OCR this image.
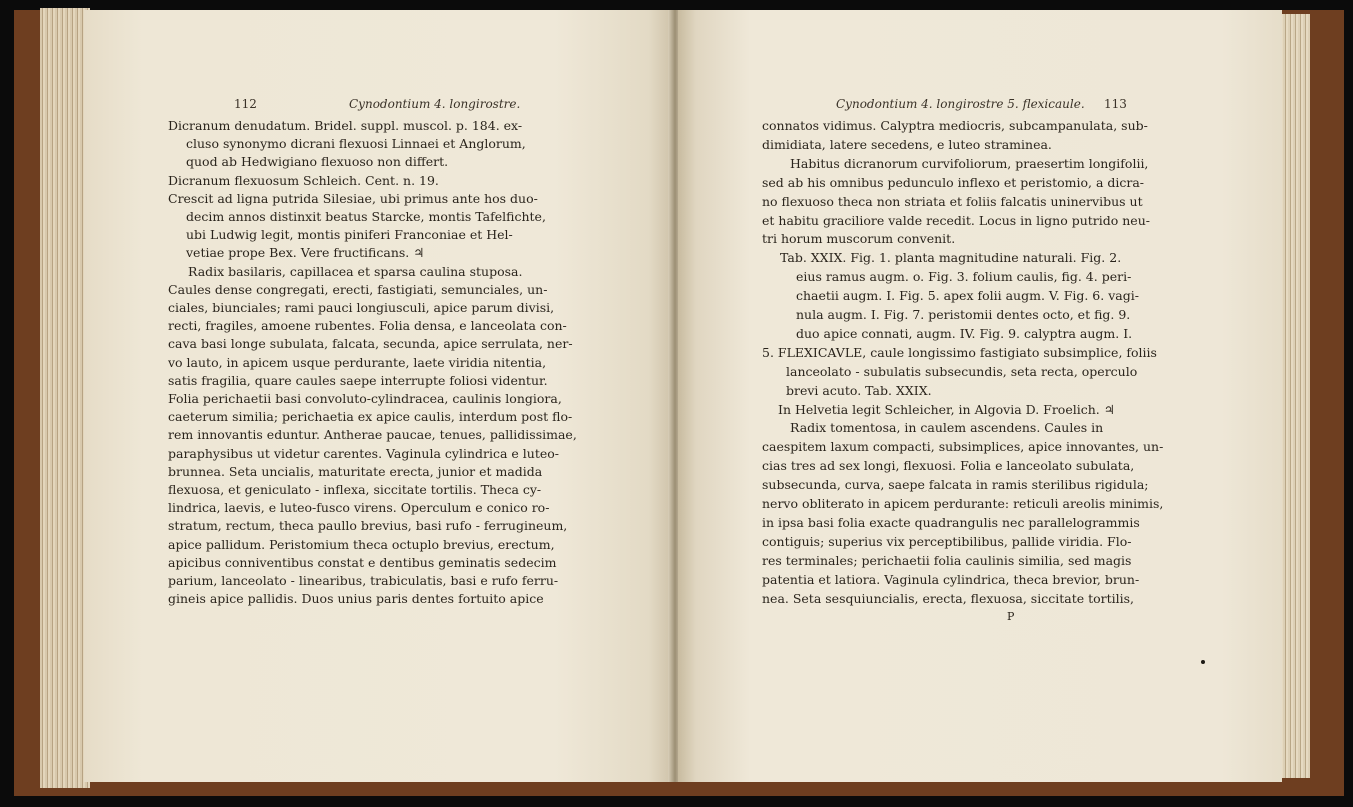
112	Cynodontium 4. longirostre.
Dicranum denudatum. Bridel. suppl. muscol. p. 184. ex-
cluso synonymo dicrani flexuosi Linnaei et Anglorum,
quod ab Hedwigiano flexuoso non differt.
Dicranum flexuosum Schleich. Cent. n. 19.
Crescit ad ligna putrida Silesiae, ubi primus ante hos duo-
decim annos distinxit beatus Starcke, montis Tafelfichte,
ubi Ludwig legit, montis piniferi Franconiae et Hel-
vetiae prope Bex. Vere fructificans. ♃
Radix basilaris, capillacea et sparsa caulina stuposa.
Caules dense congregati, erecti, fastigiati, semunciales, un-
ciales, biunciales; rami pauci longiusculi, apice parum divisi,
recti, fragiles, amoene rubentes. Folia densa, e lanceolata con-
cava basi longe subulata, falcata, secunda, apice serrulata, ner-
vo lauto, in apicem usque perdurante, laete viridia nitentia,
satis fragilia, quare caules saepe interrupte foliosi videntur.
Folia perichaetii basi convoluto-cylindracea, caulinis longiora,
caeterum similia; perichaetia ex apice caulis, interdum post flo-
rem innovantis eduntur. Antherae paucae, tenues, pallidissimae,
paraphysibus ut videtur carentes. Vaginula cylindrica e luteo-
brunnea. Seta uncialis, maturitate erecta, junior et madida
flexuosa, et geniculato - inflexa, siccitate tortilis. Theca cy-
lindrica, laevis, e luteo-fusco virens. Operculum e conico ro-
stratum, rectum, theca paullo brevius, basi rufo - ferrugineum,
apice pallidum. Peristomium theca octuplo brevius, erectum,
apicibus conniventibus constat e dentibus geminatis sedecim
parium, lanceolato - linearibus, trabiculatis, basi e rufo ferru-
gineis apice pallidis. Duos unius paris dentes fortuito apice
Cynodontium 4. longirostre 5. flexicaule. 113
connatos vidimus. Calyptra mediocris, subcampanulata, sub-
dimidiata, latere secedens, e luteo straminea.
Habitus dicranorum curvifoliorum, praesertim longifolii,
sed ab his omnibus pedunculo inflexo et peristomio, a dicra-
no flexuoso theca non striata et foliis falcatis uninervibus ut
et habitu graciliore valde recedit. Locus in ligno putrido neu-
tri horum muscorum convenit.
Tab. XXIX. Fig. 1. planta magnitudine naturali. Fig. 2.
eius ramus augm. o. Fig. 3. folium caulis, fig. 4. peri-
chaetii augm. I. Fig. 5. apex folii augm. V. Fig. 6. vagi-
nula augm. I. Fig. 7. peristomii dentes octo, et fig. 9.
duo apice connati, augm. IV. Fig. 9. calyptra augm. I.
5. FLEXICAVLE, caule longissimo fastigiato subsimplice, foliis
lanceolato - subulatis subsecundis, seta recta, operculo
brevi acuto. Tab. XXIX.
In Helvetia legit Schleicher, in Algovia D. Froelich. ♃
Radix tomentosa, in caulem ascendens. Caules in
caespitem laxum compacti, subsimplices, apice innovantes, un-
cias tres ad sex longi, flexuosi. Folia e lanceolato subulata,
subsecunda, curva, saepe falcata in ramis sterilibus rigidula;
nervo obliterato in apicem perdurante: reticuli areolis minimis,
in ipsa basi folia exacte quadrangulis nec parallelogrammis
contiguis; superius vix perceptibilibus, pallide viridia. Flo-
res terminales; perichaetii folia caulinis similia, sed magis
patentia et latiora. Vaginula cylindrica, theca brevior, brun-
nea. Seta sesquiuncialis, erecta, flexuosa, siccitate tortilis,
P
